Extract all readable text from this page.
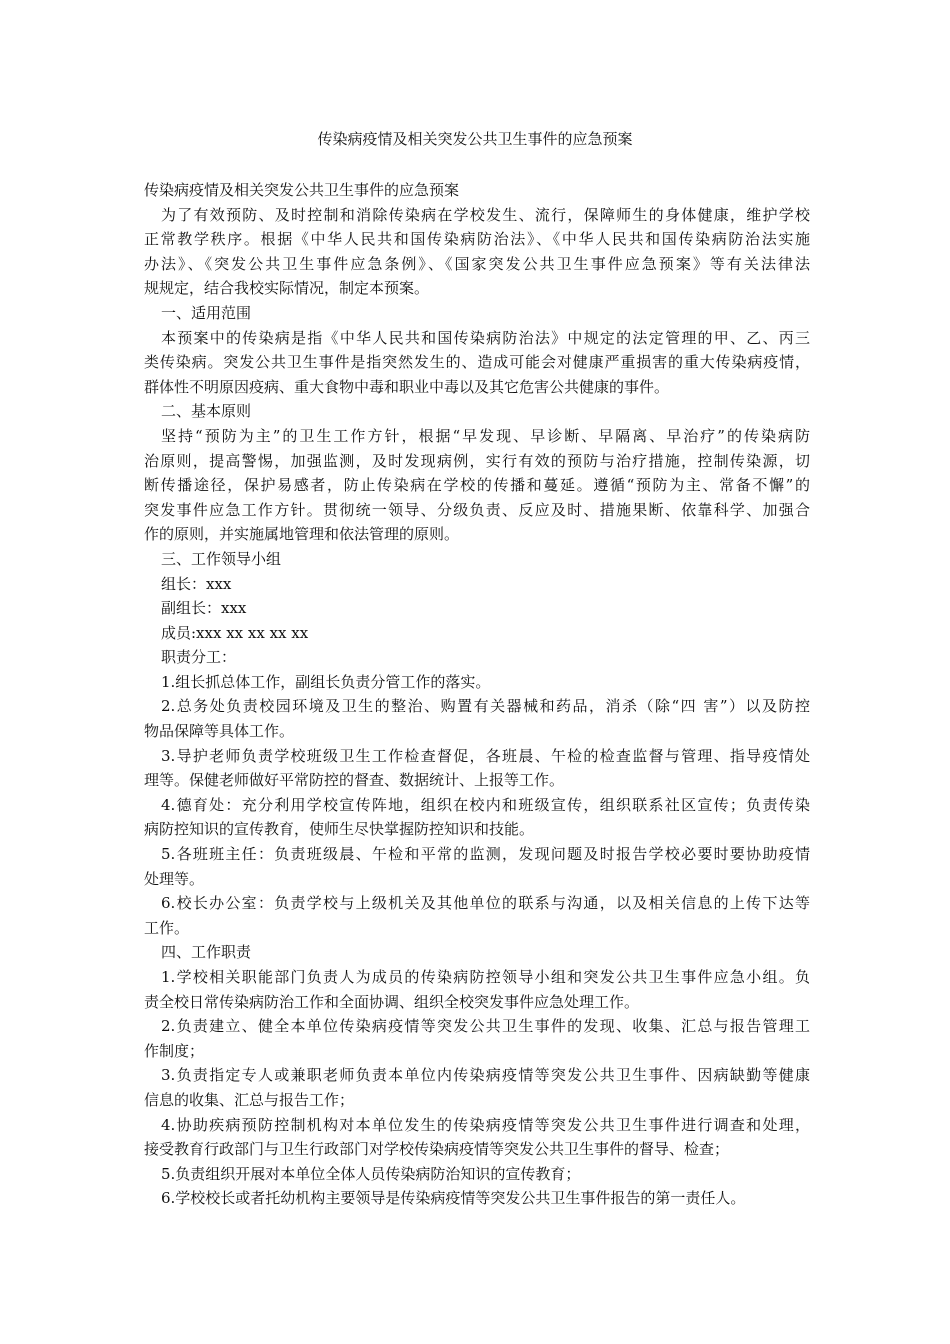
传染病疫情及相关突发公共卫生事件的应急预案

传染病疫情及相关突发公共卫生事件的应急预案

为了有效预防、及时控制和消除传染病在学校发生、流行，保障师生的身体健康，维护学校

正常教学秩序。根据《中华人民共和国传染病防治法》、《中华人民共和国传染病防治法实施

办法》、《突发公共卫生事件应急条例》、《国家突发公共卫生事件应急预案》等有关法律法

规规定，结合我校实际情况，制定本预案。

一、适用范围

本预案中的传染病是指《中华人民共和国传染病防治法》中规定的法定管理的甲、乙、丙三

类传染病。突发公共卫生事件是指突然发生的、造成可能会对健康严重损害的重大传染病疫情，

群体性不明原因疫病、重大食物中毒和职业中毒以及其它危害公共健康的事件。

二、基本原则

坚持“预防为主”的卫生工作方针，根据“早发现、早诊断、早隔离、早治疗”的传染病防

治原则，提高警惕，加强监测，及时发现病例，实行有效的预防与治疗措施，控制传染源，切

断传播途径，保护易感者，防止传染病在学校的传播和蔓延。遵循“预防为主、常备不懈”的

突发事件应急工作方针。贯彻统一领导、分级负责、反应及时、措施果断、依靠科学、加强合

作的原则，并实施属地管理和依法管理的原则。

三、工作领导小组

组长：xxx

副组长：xxx

成员:xxx xx xx xx xx

职责分工：

1.组长抓总体工作，副组长负责分管工作的落实。

2.总务处负责校园环境及卫生的整治、购置有关器械和药品，消杀（除“四 害”）以及防控

物品保障等具体工作。

3.导护老师负责学校班级卫生工作检查督促，各班晨、午检的检查监督与管理、指导疫情处

理等。保健老师做好平常防控的督查、数据统计、上报等工作。

4.德育处：充分利用学校宣传阵地，组织在校内和班级宣传，组织联系社区宣传；负责传染

病防控知识的宣传教育，使师生尽快掌握防控知识和技能。

5.各班班主任：负责班级晨、午检和平常的监测，发现问题及时报告学校必要时要协助疫情

处理等。

6.校长办公室：负责学校与上级机关及其他单位的联系与沟通，以及相关信息的上传下达等

工作。

四、工作职责

1.学校相关职能部门负责人为成员的传染病防控领导小组和突发公共卫生事件应急小组。负

责全校日常传染病防治工作和全面协调、组织全校突发事件应急处理工作。

2.负责建立、健全本单位传染病疫情等突发公共卫生事件的发现、收集、汇总与报告管理工

作制度；

3.负责指定专人或兼职老师负责本单位内传染病疫情等突发公共卫生事件、因病缺勤等健康

信息的收集、汇总与报告工作；

4.协助疾病预防控制机构对本单位发生的传染病疫情等突发公共卫生事件进行调查和处理，

接受教育行政部门与卫生行政部门对学校传染病疫情等突发公共卫生事件的督导、检查；

5.负责组织开展对本单位全体人员传染病防治知识的宣传教育；

6.学校校长或者托幼机构主要领导是传染病疫情等突发公共卫生事件报告的第一责任人。
